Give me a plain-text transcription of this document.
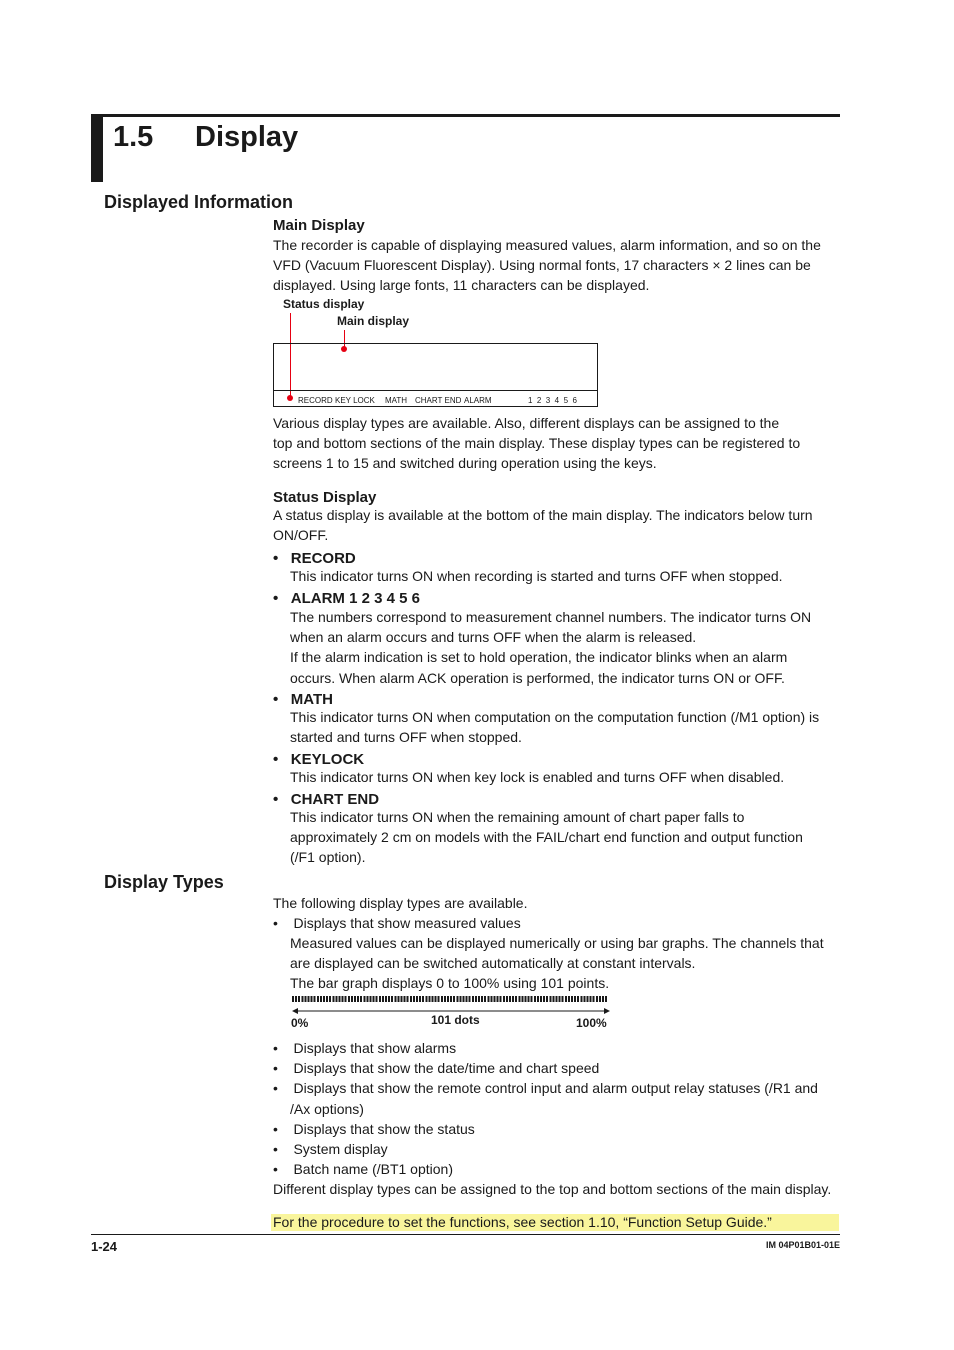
1.5 Display
Displayed Information
Main Display
The recorder is capable of displaying measured values, alarm information, and so on the
VFD (Vacuum Fluorescent Display). Using normal fonts, 17 characters × 2 lines can be
displayed. Using large fonts, 11 characters can be displayed.
Status display
Main display
RECORD KEY LOCK MATH CHART END ALARM	1  2  3  4  5  6
Various display types are available. Also, different displays can be assigned to the
top and bottom sections of the main display. These display types can be registered to
screens 1 to 15 and switched during operation using the keys.
Status Display
A status display is available at the bottom of the main display. The indicators below turn
ON/OFF.
•   RECORD
This indicator turns ON when recording is started and turns OFF when stopped.
•   ALARM 1 2 3 4 5 6
The numbers correspond to measurement channel numbers. The indicator turns ON
when an alarm occurs and turns OFF when the alarm is released.
If the alarm indication is set to hold operation, the indicator blinks when an alarm
occurs. When alarm ACK operation is performed, the indicator turns ON or OFF.
•   MATH
This indicator turns ON when computation on the computation function (/M1 option) is
started and turns OFF when stopped.
•   KEYLOCK
This indicator turns ON when key lock is enabled and turns OFF when disabled.
•   CHART END
This indicator turns ON when the remaining amount of chart paper falls to
approximately 2 cm on models with the FAIL/chart end function and output function
(/F1 option).
Display Types
The following display types are available.
•    Displays that show measured values
Measured values can be displayed numerically or using bar graphs. The channels that
are displayed can be switched automatically at constant intervals.
The bar graph displays 0 to 100% using 101 points.
0%	101 dots	100%
•    Displays that show alarms
•    Displays that show the date/time and chart speed
•    Displays that show the remote control input and alarm output relay statuses (/R1 and
/Ax options)
•    Displays that show the status
•    System display
•    Batch name (/BT1 option)
Different display types can be assigned to the top and bottom sections of the main display.
For the procedure to set the functions, see section 1.10, “Function Setup Guide.”
1-24	IM 04P01B01-01E
